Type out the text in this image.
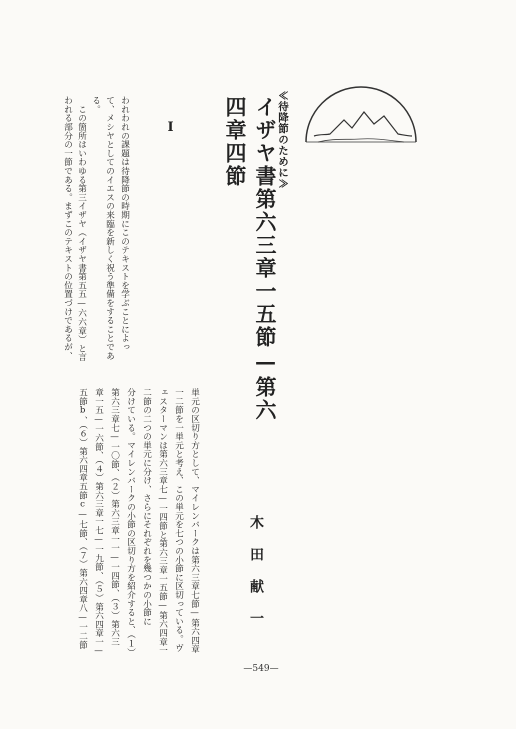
≪待降節のために≫
イザヤ書第六三章一五節—第六
四章四節
木田献一
I
われわれの課題は待降節の時期にこのテキストを学ぶことによっ
て、メシヤとしてのイエスの来臨を新しく祝う準備をすることであ
る。
　この箇所はいわゆる第三イザヤ（イザヤ書第五五—六六章）と言
われる部分の一節である。まずこのテキストの位置づけであるが、
単元の区切り方として、マイレンバークは第六三章七節—第六四章
一二節を一単元と考え、この単元を七つの小節に区切っている。ヴ
ェスターマンは第六三章七—一四節と第六三章一五節—第六四章一
二節の二つの単元に分け、さらにそれぞれを幾つかの小節に
分けている。マイレンバークの小節の区切り方を紹介すると、（１）
第六三章七—一〇節、（２）第六三章一一—一四節、（３）第六三
章一五—一六節、（４）第六三章一七—一九節、（５）第六四章一—
五節b、（６）第六四章五節c—七節、（７）第六四章八—一二節
—549—
